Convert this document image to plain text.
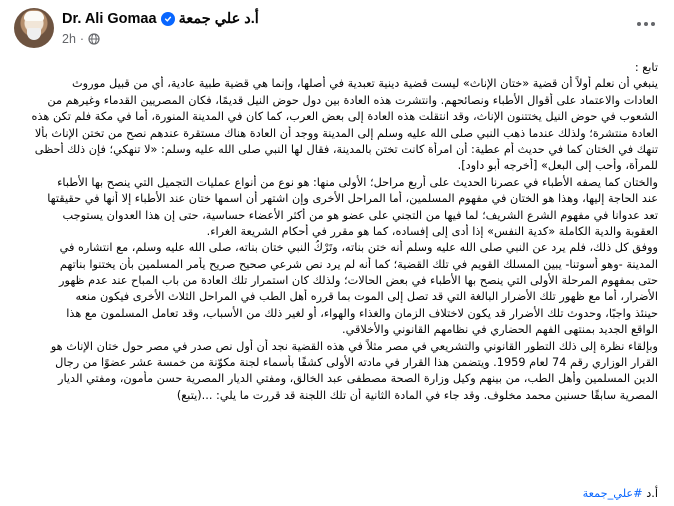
Dr. Ali Gomaa أ.د علي جمعة
2h ·
تابع :
ينبغي أن نعلم أولاً أن قضية «ختان الإناث» ليست قضية دينية تعبدية في أصلها، وإنما هي قضية طبية عادية، أي من قبيل موروث
العادات والاعتماد على أقوال الأطباء ونصائحهم. وانتشرت هذه العادة بين دول حوض النيل قديمًا، فكان المصريين القدماء وغيرهم من
الشعوب في حوض النيل يختتنون الإناث، وقد انتقلت هذه العادة إلى بعض العرب، كما كان في المدينة المنورة، أما في مكة فلم تكن هذه
العادة منتشرة؛ ولذلك عندما ذهب النبي صلى الله عليه وسلم إلى المدينة ووجد أن العادة هناك مستقرة عندهم نصح من تختن الإناث بألا
تنهك في الختان كما في حديث أم عطية: أن امرأة كانت تختن بالمدينة، فقال لها النبي صلى الله عليه وسلم: «لا تنهكي؛ فإن ذلك أحظى
للمرأة، وأحب إلى البعل» [أخرجه أبو داود].
والختان كما يصفه الأطباء في عصرنا الحديث على أربع مراحل؛ الأولى منها: هو نوع من أنواع عمليات التجميل التي ينصح بها الأطباء
عند الحاجة إليها، وهذا هو الختان في مفهوم المسلمين، أما المراحل الأخرى وإن اشتهر أن اسمها ختان عند الأطباء إلا أنها في حقيقتها
تعد عدوانا في مفهوم الشرع الشريف؛ لما فيها من التجني على عضو هو من أكثر الأعضاء حساسية، حتى إن هذا العدوان يستوجب
العقوبة والدية الكاملة «كدية النفس» إذا أدى إلى إفساده، كما هو مقرر في أحكام الشريعة الغراء.
ووفق كل ذلك، فلم يرد عن النبي صلى الله عليه وسلم أنه ختن بناته، وتَرْكُ النبي ختان بناته، صلى الله عليه وسلم، مع انتشاره في
المدينة -وهو أسوتنا- يبين المسلك القويم في تلك القضية؛ كما أنه لم يرد نص شرعي صحيح صريح يأمر المسلمين بأن يختنوا بناتهم
حتى بمفهوم المرحلة الأولى التي ينصح بها الأطباء في بعض الحالات؛ ولذلك كان استمرار تلك العادة من باب المباح عند عدم ظهور
الأضرار، أما مع ظهور تلك الأضرار البالغة التي قد تصل إلى الموت بما قرره أهل الطب في المراحل الثلاث الأخرى فيكون منعه
حينئذ واجبًا، وحدوث تلك الأضرار قد يكون لاختلاف الزمان والغذاء والهواء، أو لغير ذلك من الأسباب، وقد تعامل المسلمون مع هذا
الواقع الجديد بمنتهى الفهم الحضاري في نظامهم القانوني والأخلاقي.
وبإلقاء نظرة إلى ذلك التطور القانوني والتشريعي في مصر مثلاً في هذه القضية نجد أن أول نص صدر في مصر حول ختان الإناث هو
القرار الوزاري رقم 74 لعام 1959. ويتضمن هذا القرار في مادته الأولى كشفًا بأسماء لجنة مكوّنة من خمسة عشر عضوًا من رجال
الدين المسلمين وأهل الطب، من بينهم وكيل وزارة الصحة مصطفى عبد الخالق، ومفتي الديار المصرية حسن مأمون، ومفتي الديار
المصرية سابقًا حسنين محمد مخلوف. وقد جاء في المادة الثانية أن تلك اللجنة قد قررت ما يلي: ...(يتبع)
أ.د #علي_جمعة
